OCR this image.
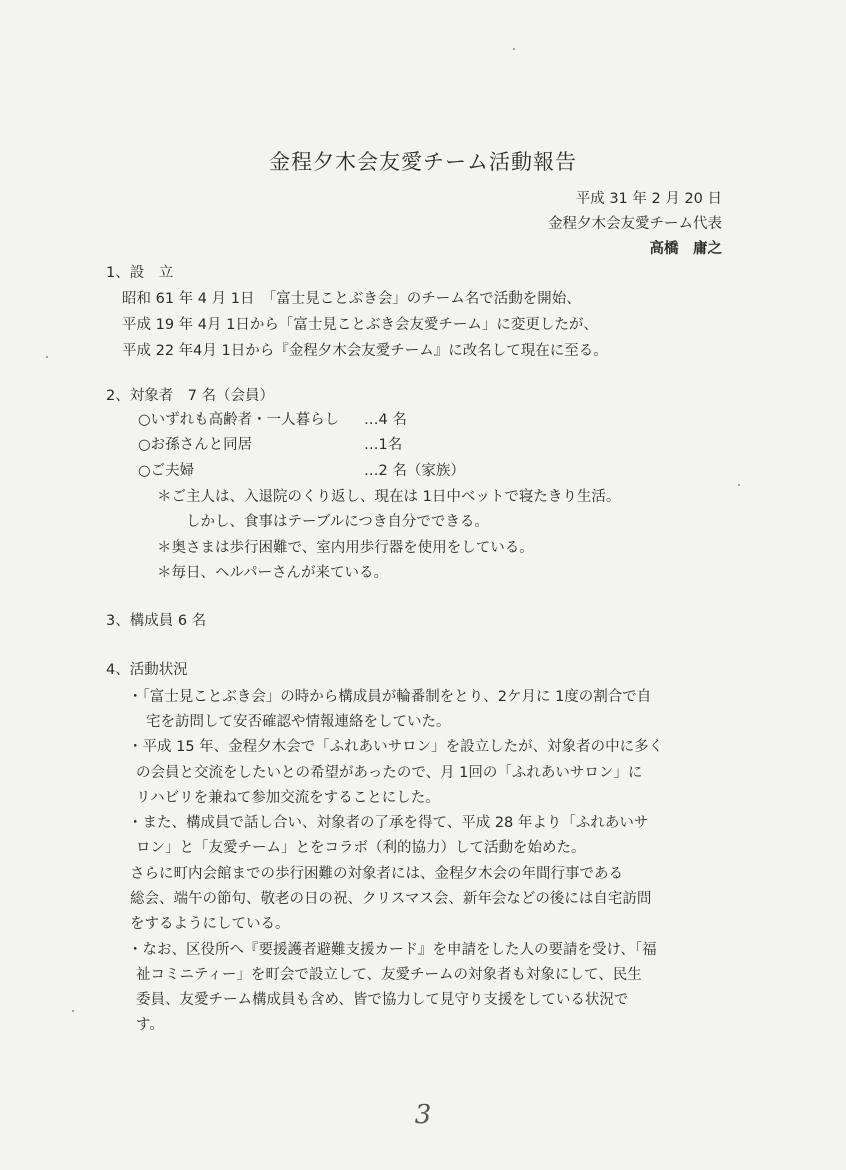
金程夕木会友愛チーム活動報告
平成 31 年 2 月 20 日
金程夕木会友愛チーム代表
高橋　庸之
1、設　立
昭和 61 年 4 月 1日　「富士見ことぶき会」のチーム名で活動を開始、
平成 19 年 4月 1日から「富士見ことぶき会友愛チーム」に変更したが、
平成 22 年4月 1日から『金程夕木会友愛チーム』に改名して現在に至る。
2、対象者　7 名（会員）
○いずれも高齢者・一人暮らし …4 名
○お孫さんと同居	…1名
○ご夫婦	…2 名（家族）
＊ご主人は、入退院のくり返し、現在は 1日中ベットで寝たきり生活。
しかし、食事はテーブルにつき自分でできる。
＊奥さまは歩行困難で、室内用歩行器を使用をしている。
＊毎日、ヘルパーさんが来ている。
3、構成員 6 名
4、活動状況
・「富士見ことぶき会」の時から構成員が輪番制をとり、2ケ月に 1度の割合で自
宅を訪問して安否確認や情報連絡をしていた。
・平成 15 年、金程夕木会で「ふれあいサロン」を設立したが、対象者の中に多く
の会員と交流をしたいとの希望があったので、月 1回の「ふれあいサロン」に
リハビリを兼ねて参加交流をすることにした。
・また、構成員で話し合い、対象者の了承を得て、平成 28 年より「ふれあいサ
ロン」と「友愛チーム」とをコラボ（利的協力）して活動を始めた。
さらに町内会館までの歩行困難の対象者には、金程夕木会の年間行事である
総会、端午の節句、敬老の日の祝、クリスマス会、新年会などの後には自宅訪問
をするようにしている。
・なお、区役所へ『要援護者避難支援カード』を申請をした人の要請を受け、「福
祉コミニティー」を町会で設立して、友愛チームの対象者も対象にして、民生
委員、友愛チーム構成員も含め、皆で協力して見守り支援をしている状況で
す。
3
